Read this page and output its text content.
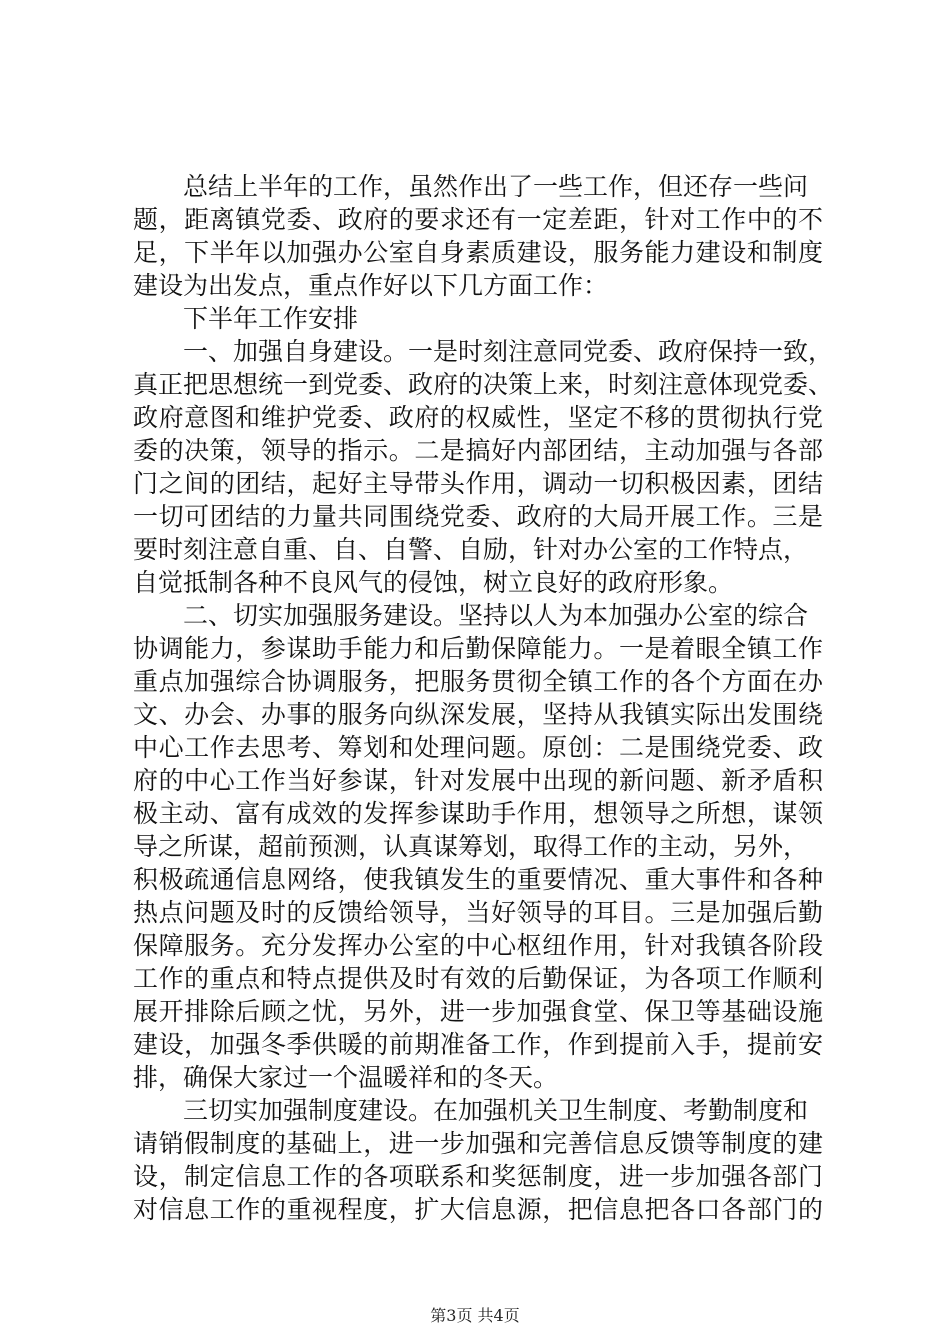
总结上半年的工作，虽然作出了一些工作，但还存一些问
题，距离镇党委、政府的要求还有一定差距，针对工作中的不
足，下半年以加强办公室自身素质建设，服务能力建设和制度
建设为出发点，重点作好以下几方面工作：
下半年工作安排
一、加强自身建设。一是时刻注意同党委、政府保持一致，
真正把思想统一到党委、政府的决策上来，时刻注意体现党委、
政府意图和维护党委、政府的权威性，坚定不移的贯彻执行党
委的决策，领导的指示。二是搞好内部团结，主动加强与各部
门之间的团结，起好主导带头作用，调动一切积极因素，团结
一切可团结的力量共同围绕党委、政府的大局开展工作。三是
要时刻注意自重、自、自警、自励，针对办公室的工作特点，
自觉抵制各种不良风气的侵蚀，树立良好的政府形象。
二、切实加强服务建设。坚持以人为本加强办公室的综合
协调能力，参谋助手能力和后勤保障能力。一是着眼全镇工作
重点加强综合协调服务，把服务贯彻全镇工作的各个方面在办
文、办会、办事的服务向纵深发展，坚持从我镇实际出发围绕
中心工作去思考、筹划和处理问题。原创：二是围绕党委、政
府的中心工作当好参谋，针对发展中出现的新问题、新矛盾积
极主动、富有成效的发挥参谋助手作用，想领导之所想，谋领
导之所谋，超前预测，认真谋筹划，取得工作的主动，另外，
积极疏通信息网络，使我镇发生的重要情况、重大事件和各种
热点问题及时的反馈给领导，当好领导的耳目。三是加强后勤
保障服务。充分发挥办公室的中心枢纽作用，针对我镇各阶段
工作的重点和特点提供及时有效的后勤保证，为各项工作顺利
展开排除后顾之忧，另外，进一步加强食堂、保卫等基础设施
建设，加强冬季供暖的前期准备工作，作到提前入手，提前安
排，确保大家过一个温暖祥和的冬天。
三切实加强制度建设。在加强机关卫生制度、考勤制度和
请销假制度的基础上，进一步加强和完善信息反馈等制度的建
设，制定信息工作的各项联系和奖惩制度，进一步加强各部门
对信息工作的重视程度，扩大信息源，把信息把各口各部门的
第3页 共4页
